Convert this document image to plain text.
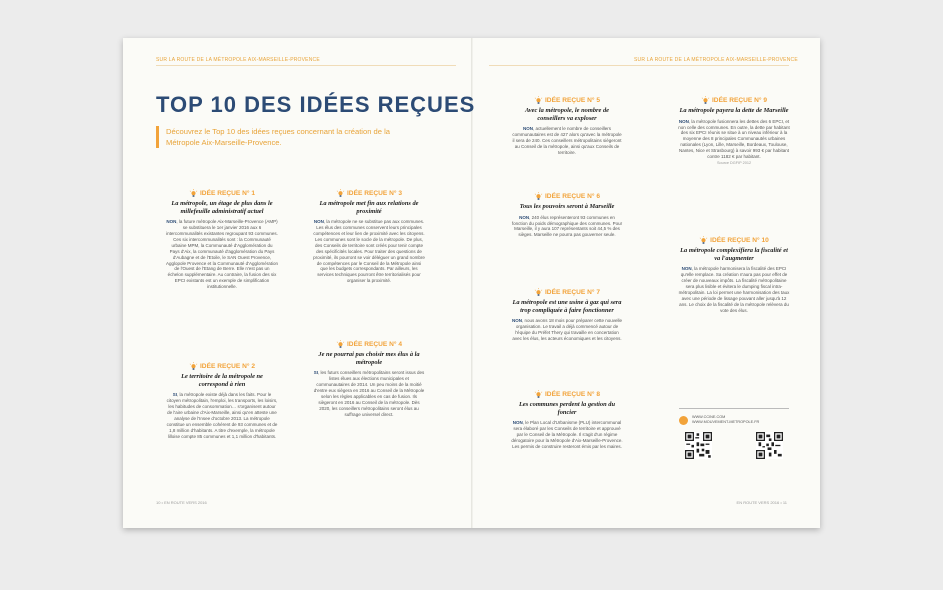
SUR LA ROUTE DE LA MÉTROPOLE AIX-MARSEILLE-PROVENCE	SUR LA ROUTE DE LA MÉTROPOLE AIX-MARSEILLE-PROVENCE
TOP 10 DES IDÉES REÇUES
Découvrez le Top 10 des idées reçues concernant la création de la Métropole Aix-Marseille-Provence.
IDÉE REÇUE N° 1
La métropole, un étage de plus dans le millefeuille administratif actuel
NON, la future métropole Aix-Marseille-Provence (AMP) se substituera le 1er janvier 2016 aux 6 intercommunalités existantes regroupant 93 communes. Ces six intercommunalités sont : la Communauté urbaine MPM, la Communauté d'Agglomération du Pays d'Aix, la communauté d'agglomération du Pays d'Aubagne et de l'Etoile, le SAN Ouest Provence, Agglopole Provence et la Communauté d'Agglomération de l'Ouest de l'Etang de Berre. Elle n'est pas un échelon supplémentaire. Au contraire, la fusion des six EPCI existants est un exemple de simplification institutionnelle.
IDÉE REÇUE N° 2
Le territoire de la métropole ne correspond à rien
SI, la métropole existe déjà dans les faits. Pour le citoyen métropolitain, l'emploi, les transports, les loisirs, les habitudes de consommation… s'organisent autour de l'aire urbaine d'Aix-Marseille, ainsi qu'en atteste une analyse de l'Insee d'octobre 2013. La métropole constitue un ensemble cohérent de 93 communes et de 1,8 million d'habitants. A titre d'exemple, la métropole lilloise compte 85 communes et 1,1 million d'habitants.
IDÉE REÇUE N° 3
La métropole met fin aux relations de proximité
NON, la métropole ne se substitue pas aux communes. Les élus des communes conservent leurs principales compétences et leur lien de proximité avec les citoyens. Les communes sont le socle de la métropole. De plus, des Conseils de territoire sont créés pour tenir compte des spécificités locales. Pour traiter des questions de proximité, ils pourront se voir déléguer un grand nombre de compétences par le Conseil de la Métropole ainsi que les budgets correspondants. Par ailleurs, les services techniques pourront être territorialisés pour organiser la proximité.
IDÉE REÇUE N° 4
Je ne pourrai pas choisir mes élus à la métropole
SI, les futurs conseillers métropolitains seront issus des listes élues aux élections municipales et communautaires de 2014. Un peu moins de la moitié d'entre eux siègera en 2016 au Conseil de la Métropole selon les règles applicables en cas de fusion. Ils siègeront en 2016 au Conseil de la métropole. Dès 2020, les conseillers métropolitains seront élus au suffrage universel direct.
IDÉE REÇUE N° 5
Avec la métropole, le nombre de conseillers va exploser
NON, actuellement le nombre de conseillers communautaires est de 427 alors qu'avec la métropole il sera de 240. Ces conseillers métropolitains siègeront au Conseil de la métropole, ainsi qu'aux Conseils de territoire.
IDÉE REÇUE N° 6
Tous les pouvoirs seront à Marseille
NON, 240 élus représenteront 93 communes en fonction du poids démographique des communes. Pour Marseille, il y aura 107 représentants soit 44,5 % des sièges. Marseille ne pourra pas gouverner seule.
IDÉE REÇUE N° 7
La métropole est une usine à gaz qui sera trop compliquée à faire fonctionner
NON, nous avons 18 mois pour préparer cette nouvelle organisation. Le travail a déjà commencé autour de l'équipe du Préfet Thery qui travaille en concertation avec les élus, les acteurs économiques et les citoyens.
IDÉE REÇUE N° 8
Les communes perdent la gestion du foncier
NON, le Plan Local d'Urbanisme (PLU) intercommunal sera élaboré par les Conseils de territoire et approuvé par le Conseil de la Métropole. Il s'agit d'un régime dérogatoire pour la Métropole d'Aix-Marseille-Provence. Les permis de construire resteront émis par les maires.
IDÉE REÇUE N° 9
La métropole payera la dette de Marseille
NON, la métropole fusionnera les dettes des 6 EPCI, et non celle des communes. En outre, la dette par habitant des six EPCI réunis se situe à un niveau inférieur à la moyenne des 8 principales Communautés urbaines nationales (Lyon, Lille, Marseille, Bordeaux, Toulouse, Nantes, Nice et Strasbourg) à savoir 993 € par habitant contre 1182 € par habitant.
Source DGFIP 2012
IDÉE REÇUE N° 10
La métropole complexifiera la fiscalité et va l'augmenter
NON, la métropole harmonisera la fiscalité des EPCI qu'elle remplace. Sa création n'aura pas pour effet de créer de nouveaux impôts. La fiscalité métropolitaine sera plus lisible et évitera le dumping fiscal intra-métropolitain. La loi permet une harmonisation des taux avec une période de lissage pouvant aller jusqu'à 12 ans. Le choix de la fiscalité de la métropole relèvera du vote des élus.
WWW.CCINE.COM
WWW.MOUVEMENT-METROPOLE.FR
10 • EN ROUTE VERS 2016	EN ROUTE VERS 2016 • 11
